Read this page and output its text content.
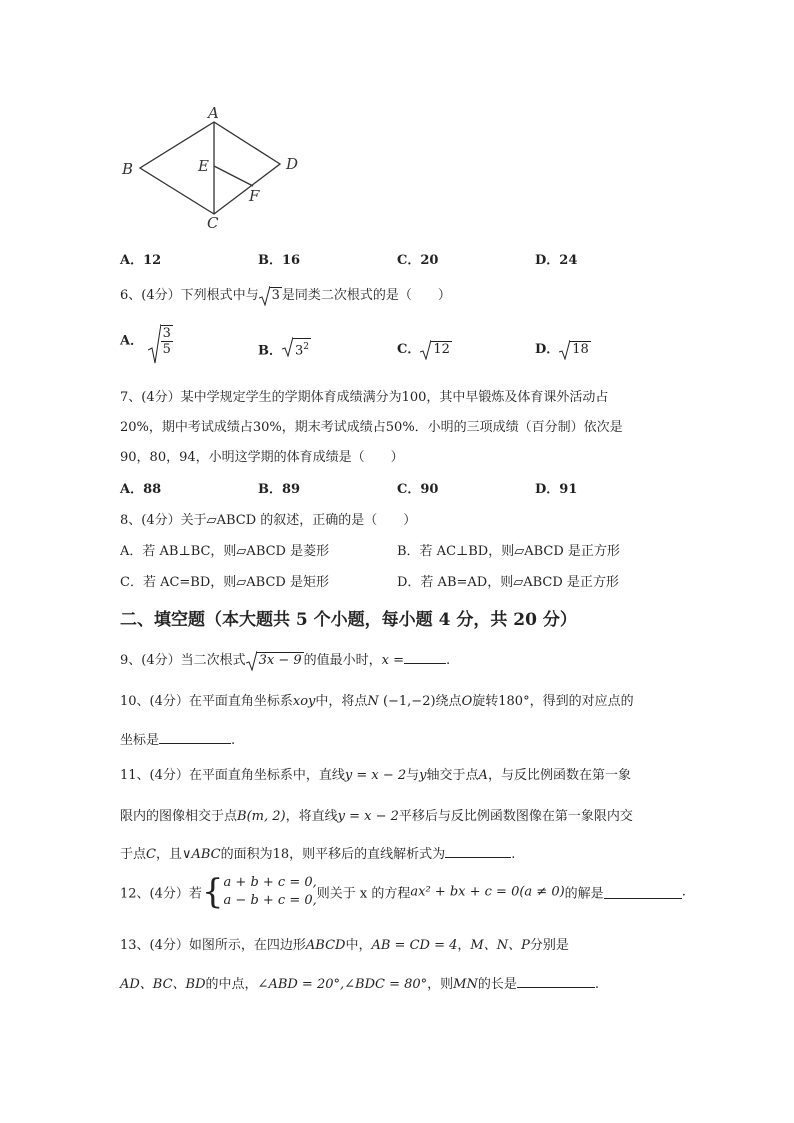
A
B
C
D
E
F
A．12	B．16	C．20	D．24
6、(4分）下列根式中与 3 是同类二次根式的是（　　）
A． $\frac{3}{5}$	B． $3^2$	C． 12	D． 18
7、(4分）某中学规定学生的学期体育成绩满分为100，其中早锻炼及体育课外活动占
20%，期中考试成绩占30%，期末考试成绩占50%．小明的三项成绩（百分制）依次是
90，80，94，小明这学期的体育成绩是（　　）
A．88	B．89	C．90	D．91
8、(4分）关于▱ABCD 的叙述，正确的是（　　）
A．若 AB⊥BC，则▱ABCD 是菱形	B．若 AC⊥BD，则▱ABCD 是正方形
C．若 AC=BD，则▱ABCD 是矩形	D．若 AB=AD，则▱ABCD 是正方形
二、填空题（本大题共 5 个小题，每小题 4 分，共 20 分）
9、(4分）当二次根式 3x − 9 的值最小时，x =	.
10、(4分）在平面直角坐标系xoy中，将点N (−1,−2)绕点O旋转180°，得到的对应点的
坐标是	.
11、(4分）在平面直角坐标系中，直线y = x − 2与y轴交于点A，与反比例函数在第一象
限内的图像相交于点B(m, 2)，将直线y = x − 2平移后与反比例函数图像在第一象限内交
于点C，且∨ABC的面积为18，则平移后的直线解析式为	.
12、(4分）若{ a + b + c = 0,
a − b + c = 0, 则关于 x 的方程ax² + bx + c = 0(a ≠ 0)的解是	.
13、(4分）如图所示，在四边形ABCD中，AB = CD = 4，M、N、P分别是
AD、BC、BD的中点，∠ABD = 20°,∠BDC = 80°，则MN的长是	.
